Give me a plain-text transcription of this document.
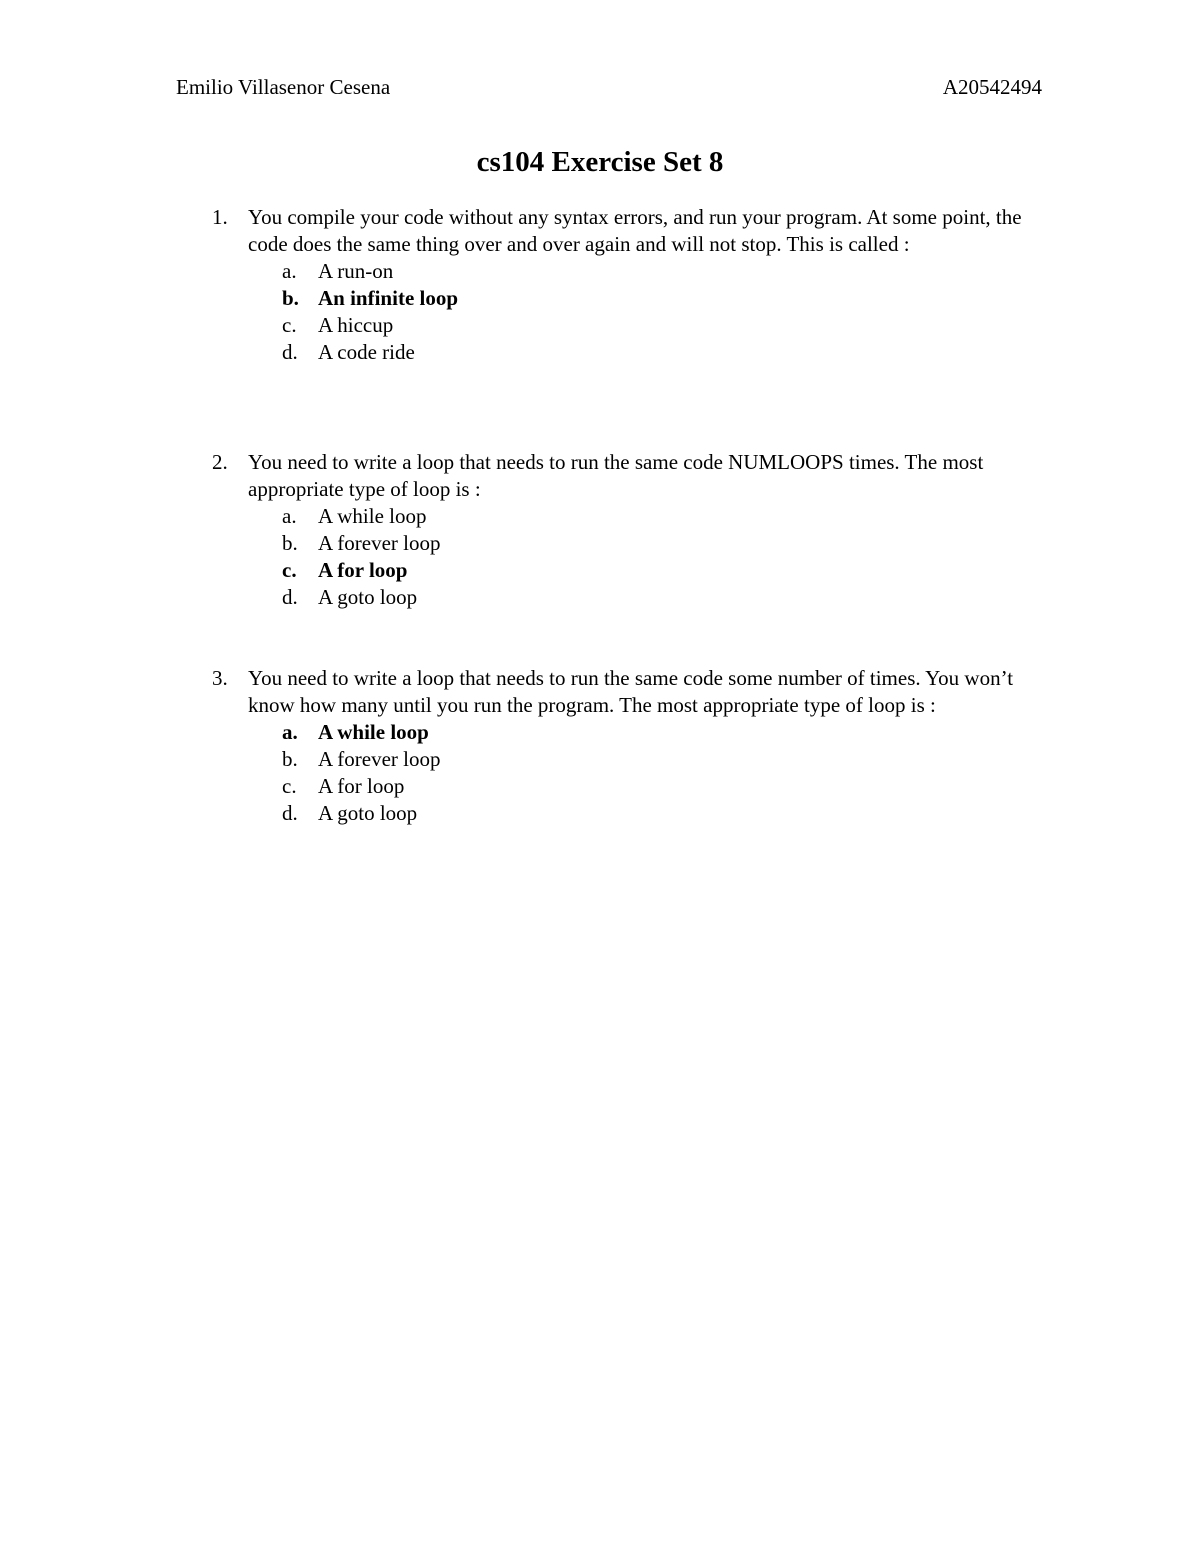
Emilio Villasenor Cesena	A20542494
cs104 Exercise Set 8
1. You compile your code without any syntax errors, and run your program. At some point, the code does the same thing over and over again and will not stop. This is called :
a. A run-on
b. An infinite loop
c. A hiccup
d. A code ride
2. You need to write a loop that needs to run the same code NUMLOOPS times. The most appropriate type of loop is :
a. A while loop
b. A forever loop
c. A for loop
d. A goto loop
3. You need to write a loop that needs to run the same code some number of times. You won’t know how many until you run the program. The most appropriate type of loop is :
a. A while loop
b. A forever loop
c. A for loop
d. A goto loop
